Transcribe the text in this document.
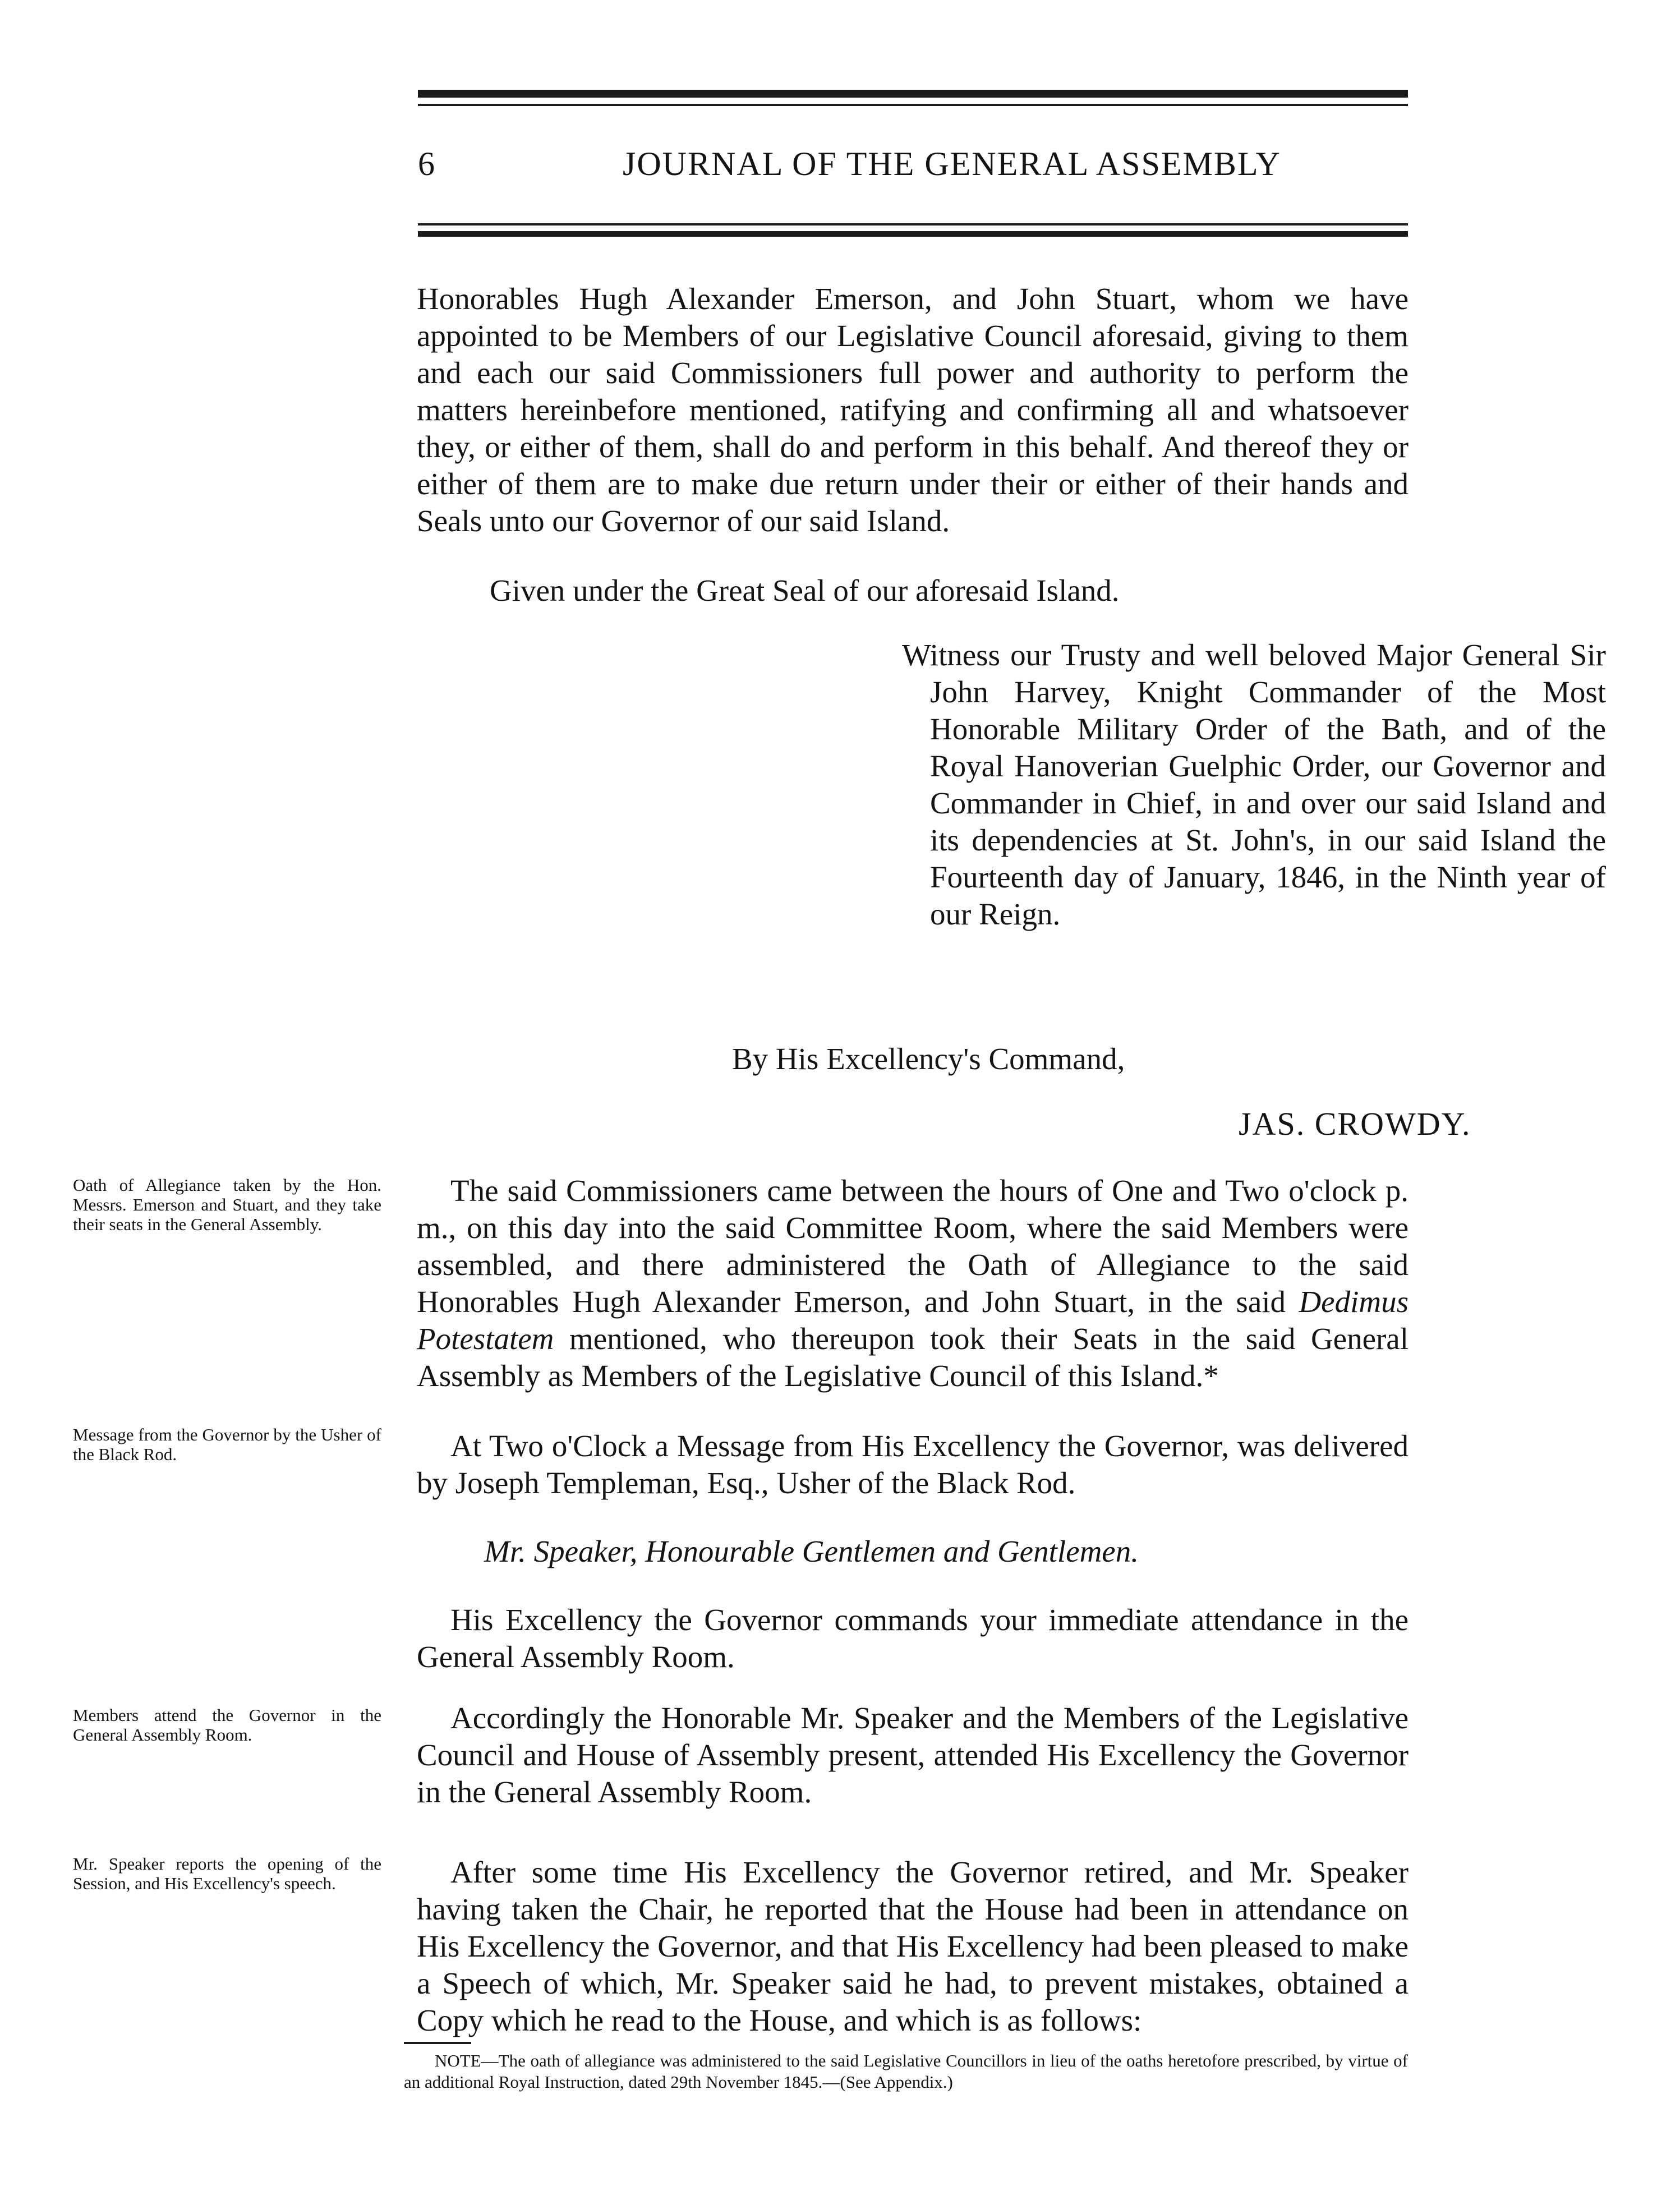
6	JOURNAL OF THE GENERAL ASSEMBLY

Honorables Hugh Alexander Emerson, and John Stuart, whom we have appointed to be Members of our Legislative Council aforesaid, giving to them and each our said Commissioners full power and authority to perform the matters hereinbefore mentioned, ratifying and confirming all and whatsoever they, or either of them, shall do and perform in this behalf. And thereof they or either of them are to make due return under their or either of their hands and Seals unto our Governor of our said Island.

Given under the Great Seal of our aforesaid Island.

Witness our Trusty and well beloved Major General Sir John Harvey, Knight Commander of the Most Honorable Military Order of the Bath, and of the Royal Hanoverian Guelphic Order, our Governor and Commander in Chief, in and over our said Island and its dependencies at St. John's, in our said Island the Fourteenth day of January, 1846, in the Ninth year of our Reign.

By His Excellency's Command,

JAS. CROWDY.

Oath of Allegiance taken by the Hon. Messrs. Emerson and Stuart, and they take their seats in the General Assembly.

The said Commissioners came between the hours of One and Two o'clock p. m., on this day into the said Committee Room, where the said Members were assembled, and there administered the Oath of Allegiance to the said Honorables Hugh Alexander Emerson, and John Stuart, in the said Dedimus Potestatem mentioned, who thereupon took their Seats in the said General Assembly as Members of the Legislative Council of this Island.*

Message from the Governor by the Usher of the Black Rod.	At Two o'Clock a Message from His Excellency the Governor, was delivered by Joseph Templeman, Esq., Usher of the Black Rod.

Mr. Speaker, Honourable Gentlemen and Gentlemen.

His Excellency the Governor commands your immediate attendance in the General Assembly Room.

Members attend the Governor in the General Assembly Room.	Accordingly the Honorable Mr. Speaker and the Members of the Legislative Council and House of Assembly present, attended His Excellency the Governor in the General Assembly Room.

Mr. Speaker reports the opening of the Session, and His Excellency's speech.	After some time His Excellency the Governor retired, and Mr. Speaker having taken the Chair, he reported that the House had been in attendance on His Excellency the Governor, and that His Excellency had been pleased to make a Speech of which, Mr. Speaker said he had, to prevent mistakes, obtained a Copy which he read to the House, and which is as follows:

NOTE—The oath of allegiance was administered to the said Legislative Councillors in lieu of the oaths heretofore prescribed, by virtue of an additional Royal Instruction, dated 29th November 1845.—(See Appendix.)
